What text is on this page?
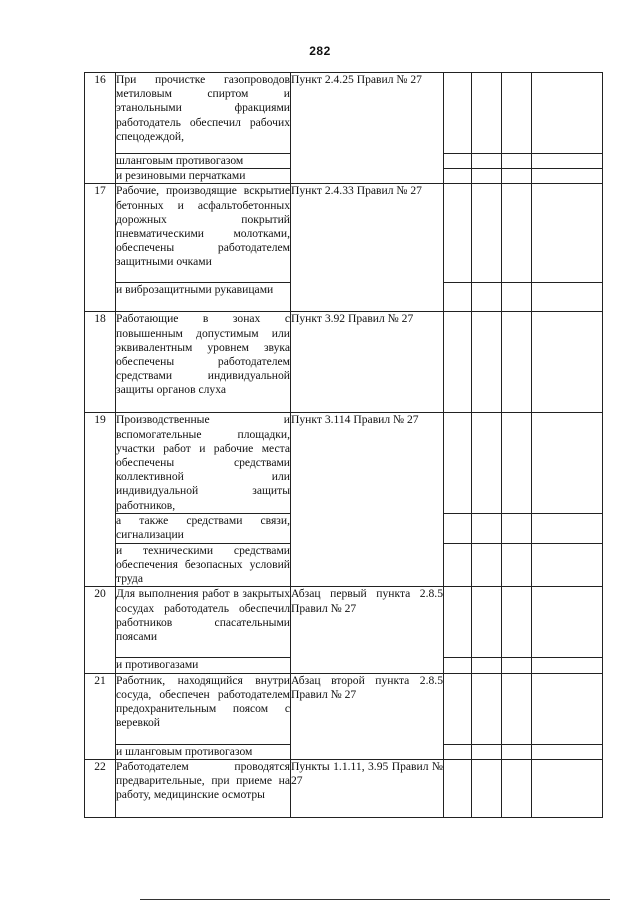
282
16	При прочистке газопроводов метиловым спиртом и этанольными фракциями работодатель обеспечил рабочих спецодеждой,	Пункт 2.4.25 Правил № 27				
	шланговым противогазом					
	и резиновыми перчатками					
17	Рабочие, производящие вскрытие бетонных и асфальтобетонных дорожных покрытий пневматическими молотками, обеспечены работодателем защитными очками	Пункт 2.4.33 Правил № 27				
	и виброзащитными рукавицами					
18	Работающие в зонах с повышенным допустимым или эквивалентным уровнем звука обеспечены работодателем средствами индивидуальной защиты органов слуха	Пункт 3.92 Правил № 27				
19	Производственные и вспомогательные площадки, участки работ и рабочие места обеспечены средствами коллективной или индивидуальной защиты работников,	Пункт 3.114 Правил № 27				
	а также средствами связи, сигнализации					
	и техническими средствами обеспечения безопасных условий труда					
20	Для выполнения работ в закрытых сосудах работодатель обеспечил работников спасательными поясами	Абзац первый пункта 2.8.5 Правил № 27				
	и противогазами					
21	Работник, находящийся внутри сосуда, обеспечен работодателем предохранительным поясом с веревкой	Абзац второй пункта 2.8.5 Правил № 27				
	и шланговым противогазом					
22	Работодателем проводятся предварительные, при приеме на работу, медицинские осмотры	Пункты 1.1.11, 3.95 Правил № 27				
